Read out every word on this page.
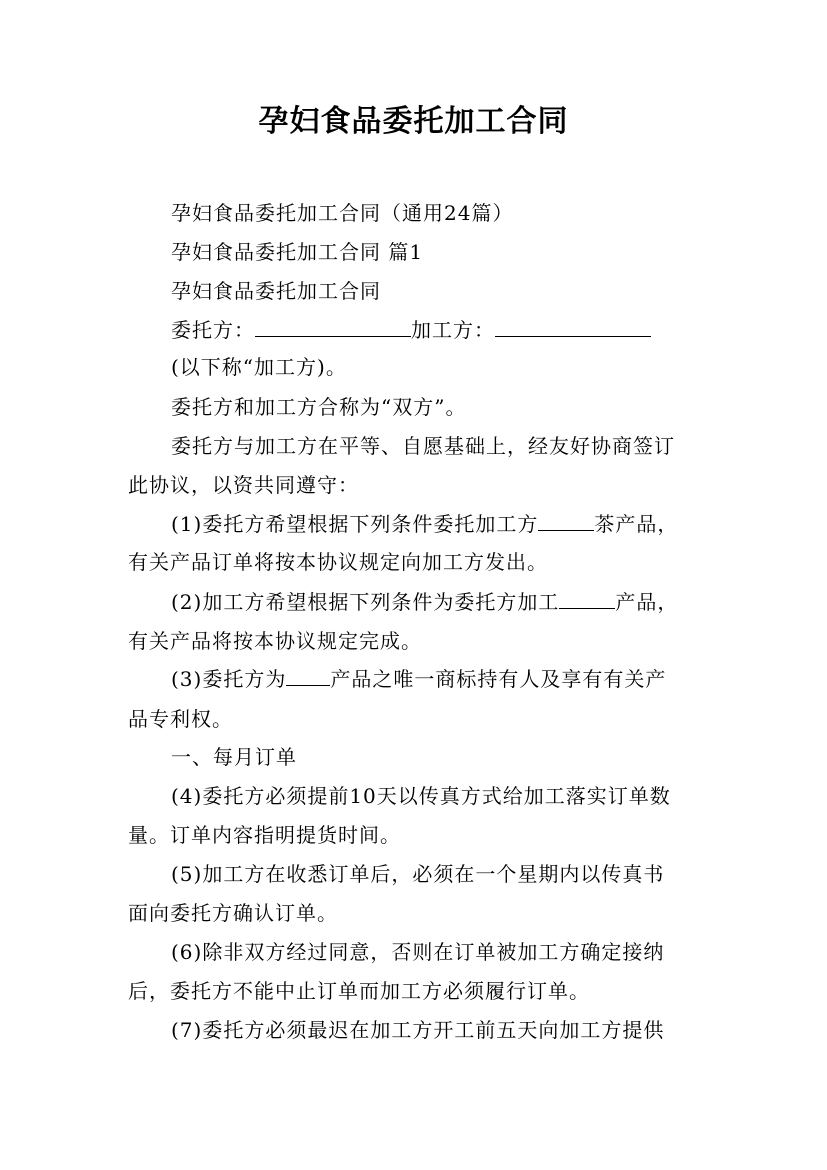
孕妇食品委托加工合同
孕妇食品委托加工合同（通用24篇）
孕妇食品委托加工合同 篇1
孕妇食品委托加工合同
委托方：	加工方：
(以下称“加工方)。
委托方和加工方合称为“双方”。
委托方与加工方在平等、自愿基础上，经友好协商签订
此协议，以资共同遵守：
(1)委托方希望根据下列条件委托加工方	茶产品，
有关产品订单将按本协议规定向加工方发出。
(2)加工方希望根据下列条件为委托方加工	产品，
有关产品将按本协议规定完成。
(3)委托方为 产品之唯一商标持有人及享有有关产
品专利权。
一、每月订单
(4)委托方必须提前10天以传真方式给加工落实订单数
量。订单内容指明提货时间。
(5)加工方在收悉订单后，必须在一个星期内以传真书
面向委托方确认订单。
(6)除非双方经过同意，否则在订单被加工方确定接纳
后，委托方不能中止订单而加工方必须履行订单。
(7)委托方必须最迟在加工方开工前五天向加工方提供
